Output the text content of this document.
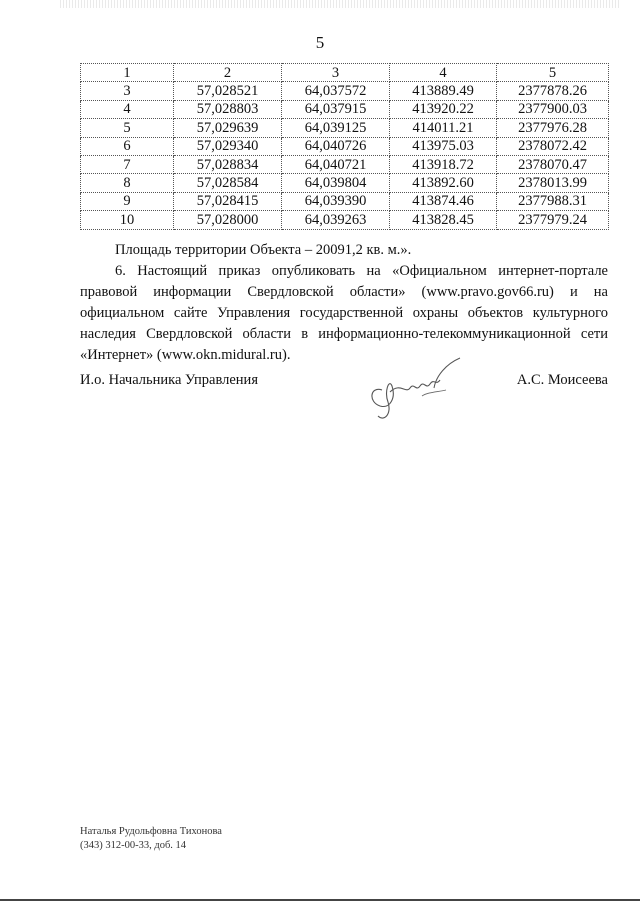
5
1	2	3	4	5
3	57,028521	64,037572	413889.49	2377878.26
4	57,028803	64,037915	413920.22	2377900.03
5	57,029639	64,039125	414011.21	2377976.28
6	57,029340	64,040726	413975.03	2378072.42
7	57,028834	64,040721	413918.72	2378070.47
8	57,028584	64,039804	413892.60	2378013.99
9	57,028415	64,039390	413874.46	2377988.31
10	57,028000	64,039263	413828.45	2377979.24
Площадь территории Объекта – 20091,2 кв. м.».
6. Настоящий приказ опубликовать на «Официальном интернет-портале правовой информации Свердловской области» (www.pravo.gov66.ru) и на официальном сайте Управления государственной охраны объектов культурного наследия Свердловской области в информационно-телекоммуникационной сети «Интернет» (www.okn.midural.ru).
И.о. Начальника Управления	А.С. Моисеева
Наталья Рудольфовна Тихонова
(343) 312-00-33, доб. 14
